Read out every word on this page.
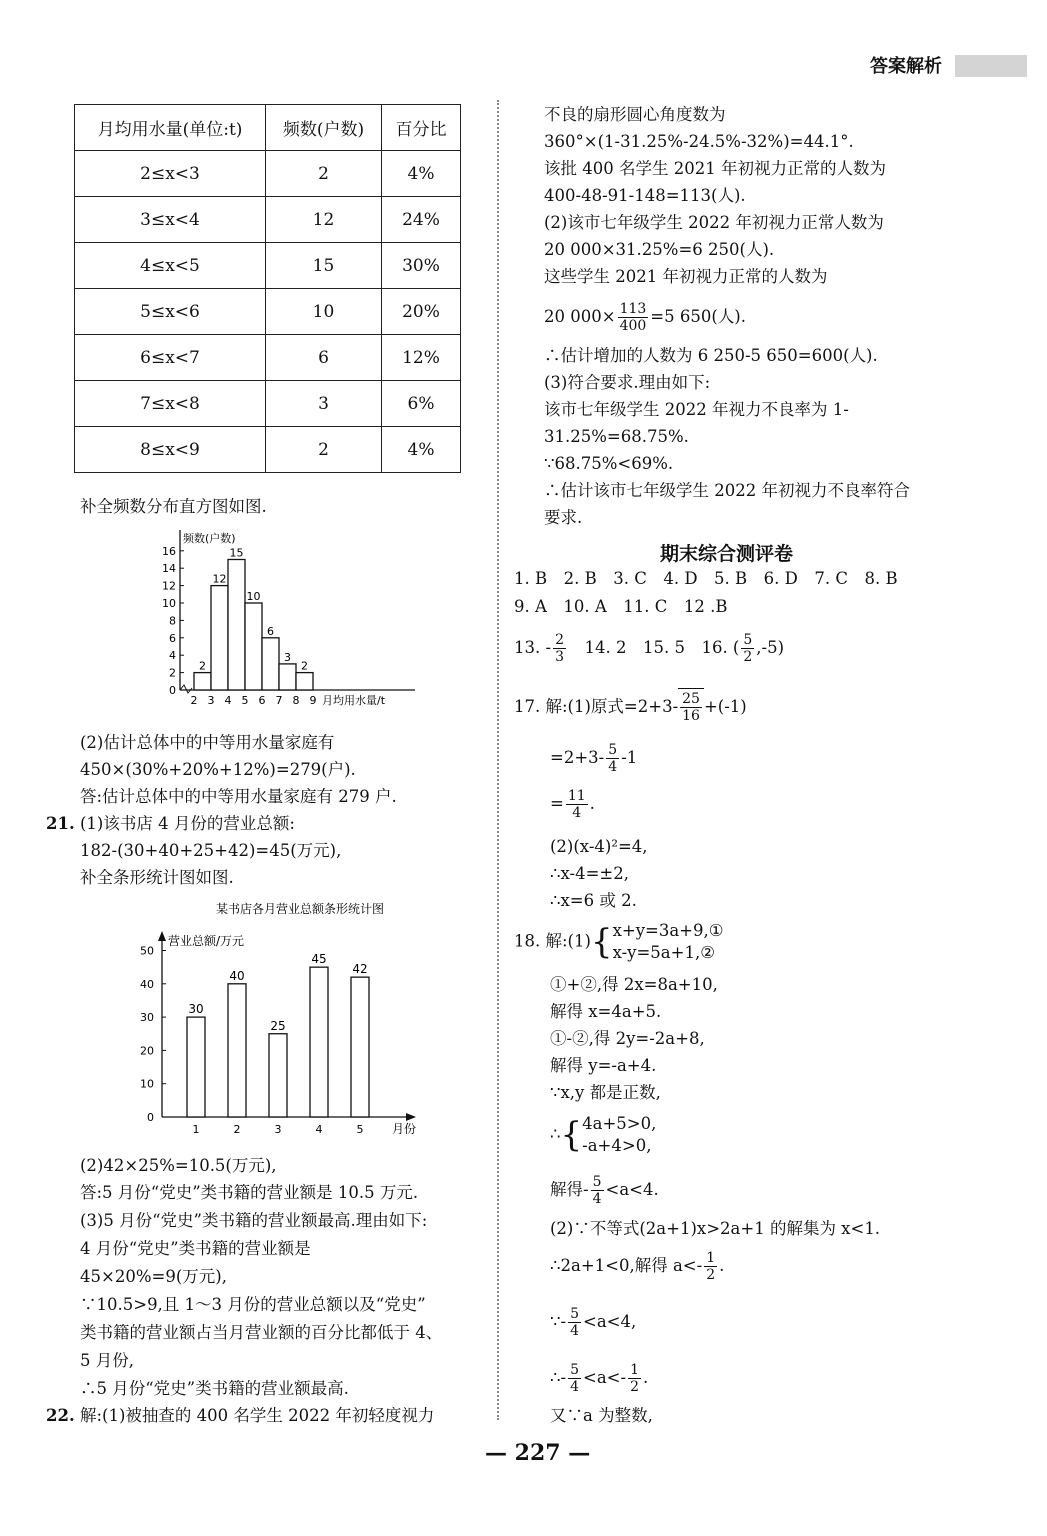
答案解析
月均用水量(单位:t)	频数(户数)	百分比
2≤x<3	2	4%
3≤x<4	12	24%
4≤x<5	15	30%
5≤x<6	10	20%
6≤x<7	6	12%
7≤x<8	3	6%
8≤x<9	2	4%
补全频数分布直方图如图.
0
2
4
6
8
10
12
14
16
2 3 4 5 6 7 8 9 月均用水量/t
频数(户数)
2
12
15
10
6
3
2
(2)估计总体中的中等用水量家庭有
450×(30%+20%+12%)=279(户).
答:估计总体中的中等用水量家庭有 279 户.
21. (1)该书店 4 月份的营业总额:
182-(30+40+25+42)=45(万元),
补全条形统计图如图.
某书店各月营业总额条形统计图
营业总额/万元
月份
0
10
20
30
40
50
30
1
40
2
25
3
45
4
42
5
(2)42×25%=10.5(万元),
答:5 月份“党史”类书籍的营业额是 10.5 万元.
(3)5 月份“党史”类书籍的营业额最高.理由如下:
4 月份“党史”类书籍的营业额是
45×20%=9(万元),
∵10.5>9,且 1～3 月份的营业总额以及“党史”
类书籍的营业额占当月营业额的百分比都低于 4、
5 月份,
∴5 月份“党史”类书籍的营业额最高.
22. 解:(1)被抽查的 400 名学生 2022 年初轻度视力
不良的扇形圆心角度数为
360°×(1-31.25%-24.5%-32%)=44.1°.
该批 400 名学生 2021 年初视力正常的人数为
400-48-91-148=113(人).
(2)该市七年级学生 2022 年初视力正常人数为
20 000×31.25%=6 250(人).
这些学生 2021 年初视力正常的人数为
20 $000\times \frac{113}{400} =5$ 650(人).
∴估计增加的人数为 6 250-5 650=600(人).
(3)符合要求.理由如下:
该市七年级学生 2022 年视力不良率为 1-
31.25%=68.75%.
∵68.75%<69%.
∴估计该市七年级学生 2022 年初视力不良率符合
要求.
期末综合测评卷
1. B　2. B　3. C　4. D　5. B　6. D　7. C　8. B
9. A　10. A　11. C　12 .B
13. - $\frac{2}{3}$ 　14. 2　15. 5　16. ( $\frac{5}{2} ,-5$)
17. 解:(1)原式$=2+3- \frac{25}{16} +(-1)$
$=2+3- \frac{5}{4} -1$
= $\frac{11}{4}$ .
(2)(x-4)²=4,
∴x-4=±2,
∴x=6 或 2.
18. 解:(1){ x+y=3a+9,①
x-y=5a+1,②
①+②,得 2x=8a+10,
解得 x=4a+5.
①-②,得 2y=-2a+8,
解得 y=-a+4.
∵x,y 都是正数,
∴{ 4a+5>0,
-a+4>0,
解得- $\frac{5}{4} <a<4$.
(2)∵不等式(2a+1)x>2a+1 的解集为 x<1.
∴2a+1<0,解得 $a<- \frac{1}{2}$ .
∵- $\frac{5}{4} <a<4$,
∴- $\frac{5}{4} <a<- \frac{1}{2}$ .
又∵a 为整数,
— 227 —
